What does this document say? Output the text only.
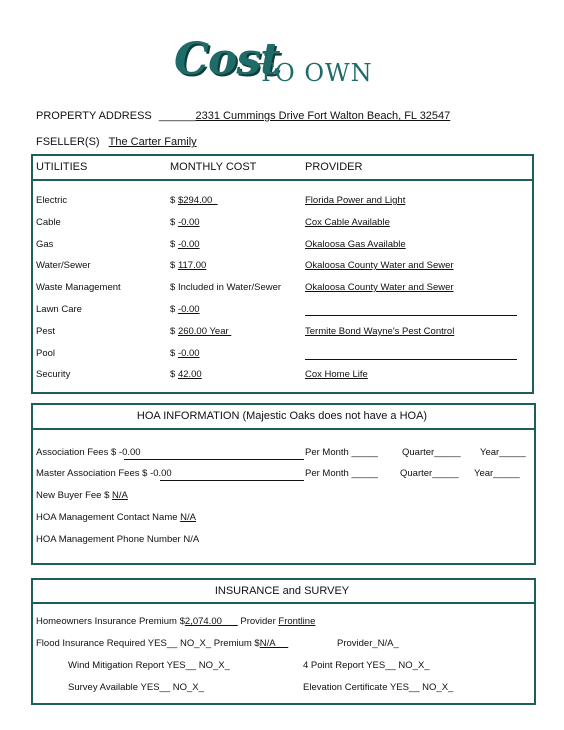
Cost
TO OWN
PROPERTY ADDRESS ______2331 Cummings Drive Fort Walton Beach, FL 32547
FSELLER(S) The Carter Family
UTILITIES	MONTHLY COST	PROVIDER
Electric	$ $294.00	Florida Power and Light
Cable	$ -0.00	Cox Cable Available
Gas	$ -0.00	Okaloosa Gas Available
Water/Sewer	$ 117.00	Okaloosa County Water and Sewer
Waste Management	$ Included in Water/Sewer	Okaloosa County Water and Sewer
Lawn Care	$ -0.00
Pest	$ 260.00 Year	Termite Bond Wayne's Pest Control
Pool	$ -0.00
Security	$ 42.00	Cox Home Life
HOA INFORMATION (Majestic Oaks does not have a HOA)
Association Fees $ -0.00	Per Month _____	Quarter_____ Year_____
Master Association Fees $ -0.00	Per Month _____ Quarter_____ Year_____
New Buyer Fee $ N/A
HOA Management Contact Name N/A
HOA Management Phone Number N/A
INSURANCE and SURVEY
Homeowners Insurance Premium $2,074.00       Provider Frontline
Flood Insurance Required YES__ NO_X_ Premium $N/A	Provider_N/A_
Wind Mitigation Report YES__ NO_X_	4 Point Report YES__ NO_X_
Survey Available YES__ NO_X_	Elevation Certificate YES__ NO_X_
